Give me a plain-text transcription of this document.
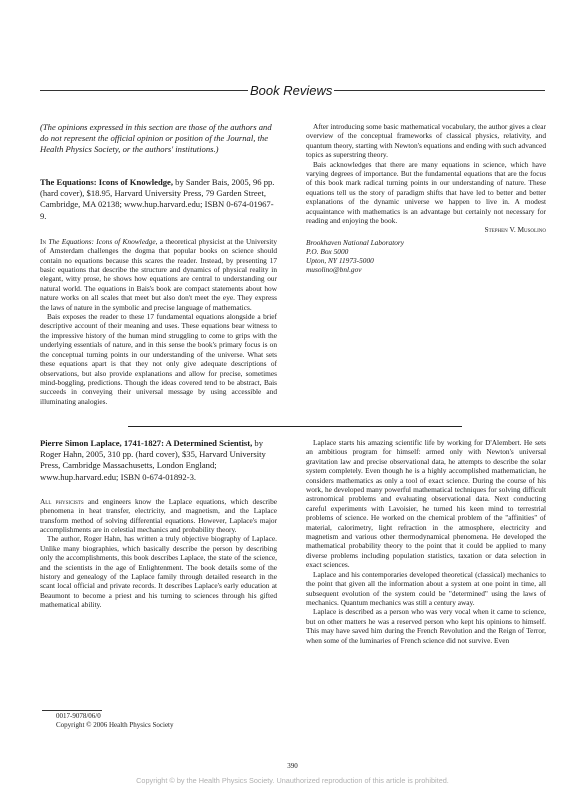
Book Reviews

(The opinions expressed in this section are those of the authors and do not represent the official opinion or position of the Journal, the Health Physics Society, or the authors' institutions.)

The Equations: Icons of Knowledge, by Sander Bais, 2005, 96 pp. (hard cover), $18.95, Harvard University Press, 79 Garden Street, Cambridge, MA 02138; www.hup.harvard.edu; ISBN 0-674-01967-9.

In The Equations: Icons of Knowledge, a theoretical physicist at the University of Amsterdam challenges the dogma that popular books on science should contain no equations because this scares the reader. Instead, by presenting 17 basic equations that describe the structure and dynamics of physical reality in elegant, witty prose, he shows how equations are central to understanding our natural world. The equations in Bais's book are compact statements about how nature works on all scales that meet but also don't meet the eye. They express the laws of nature in the symbolic and precise language of mathematics.

Bais exposes the reader to these 17 fundamental equations alongside a brief descriptive account of their meaning and uses. These equations bear witness to the impressive history of the human mind struggling to come to grips with the underlying essentials of nature, and in this sense the book's primary focus is on the conceptual turning points in our understanding of the universe. What sets these equations apart is that they not only give adequate descriptions of observations, but also provide explanations and allow for precise, sometimes mind-boggling, predictions. Though the ideas covered tend to be abstract, Bais succeeds in conveying their universal message by using accessible and illuminating analogies.

After introducing some basic mathematical vocabulary, the author gives a clear overview of the conceptual frameworks of classical physics, relativity, and quantum theory, starting with Newton's equations and ending with such advanced topics as superstring theory.

Bais acknowledges that there are many equations in science, which have varying degrees of importance. But the fundamental equations that are the focus of this book mark radical turning points in our understanding of nature. These equations tell us the story of paradigm shifts that have led to better and better explanations of the dynamic universe we happen to live in. A modest acquaintance with mathematics is an advantage but certainly not necessary for reading and enjoying the book.

Stephen V. Musolino

Brookhaven National Laboratory
P.O. Box 5000
Upton, NY 11973-5000
musolino@bnl.gov

Pierre Simon Laplace, 1741-1827: A Determined Scientist, by Roger Hahn, 2005, 310 pp. (hard cover), $35, Harvard University Press, Cambridge Massachusetts, London England; www.hup.harvard.edu; ISBN 0-674-01892-3.

All physicists and engineers know the Laplace equations, which describe phenomena in heat transfer, electricity, and magnetism, and the Laplace transform method of solving differential equations. However, Laplace's major accomplishments are in celestial mechanics and probability theory.

The author, Roger Hahn, has written a truly objective biography of Laplace. Unlike many biographies, which basically describe the person by describing only the accomplishments, this book describes Laplace, the state of the science, and the scientists in the age of Enlightenment. The book details some of the history and genealogy of the Laplace family through detailed research in the scant local official and private records. It describes Laplace's early education at Beaumont to become a priest and his turning to sciences through his gifted mathematical ability.

Laplace starts his amazing scientific life by working for D'Alembert. He sets an ambitious program for himself: armed only with Newton's universal gravitation law and precise observational data, he attempts to describe the solar system completely. Even though he is a highly accomplished mathematician, he considers mathematics as only a tool of exact science. During the course of his work, he developed many powerful mathematical techniques for solving difficult astronomical problems and evaluating observational data. Next conducting careful experiments with Lavoisier, he turned his keen mind to terrestrial problems of science. He worked on the chemical problem of the "affinities" of material, calorimetry, light refraction in the atmosphere, electricity and magnetism and various other thermodynamical phenomena. He developed the mathematical probability theory to the point that it could be applied to many diverse problems including population statistics, taxation or data selection in exact sciences.

Laplace and his contemporaries developed theoretical (classical) mechanics to the point that given all the information about a system at one point in time, all subsequent evolution of the system could be "determined" using the laws of mechanics. Quantum mechanics was still a century away.

Laplace is described as a person who was very vocal when it came to science, but on other matters he was a reserved person who kept his opinions to himself. This may have saved him during the French Revolution and the Reign of Terror, when some of the luminaries of French science did not survive. Even

0017-9078/06/0
Copyright © 2006 Health Physics Society
390
Copyright © by the Health Physics Society. Unauthorized reproduction of this article is prohibited.
